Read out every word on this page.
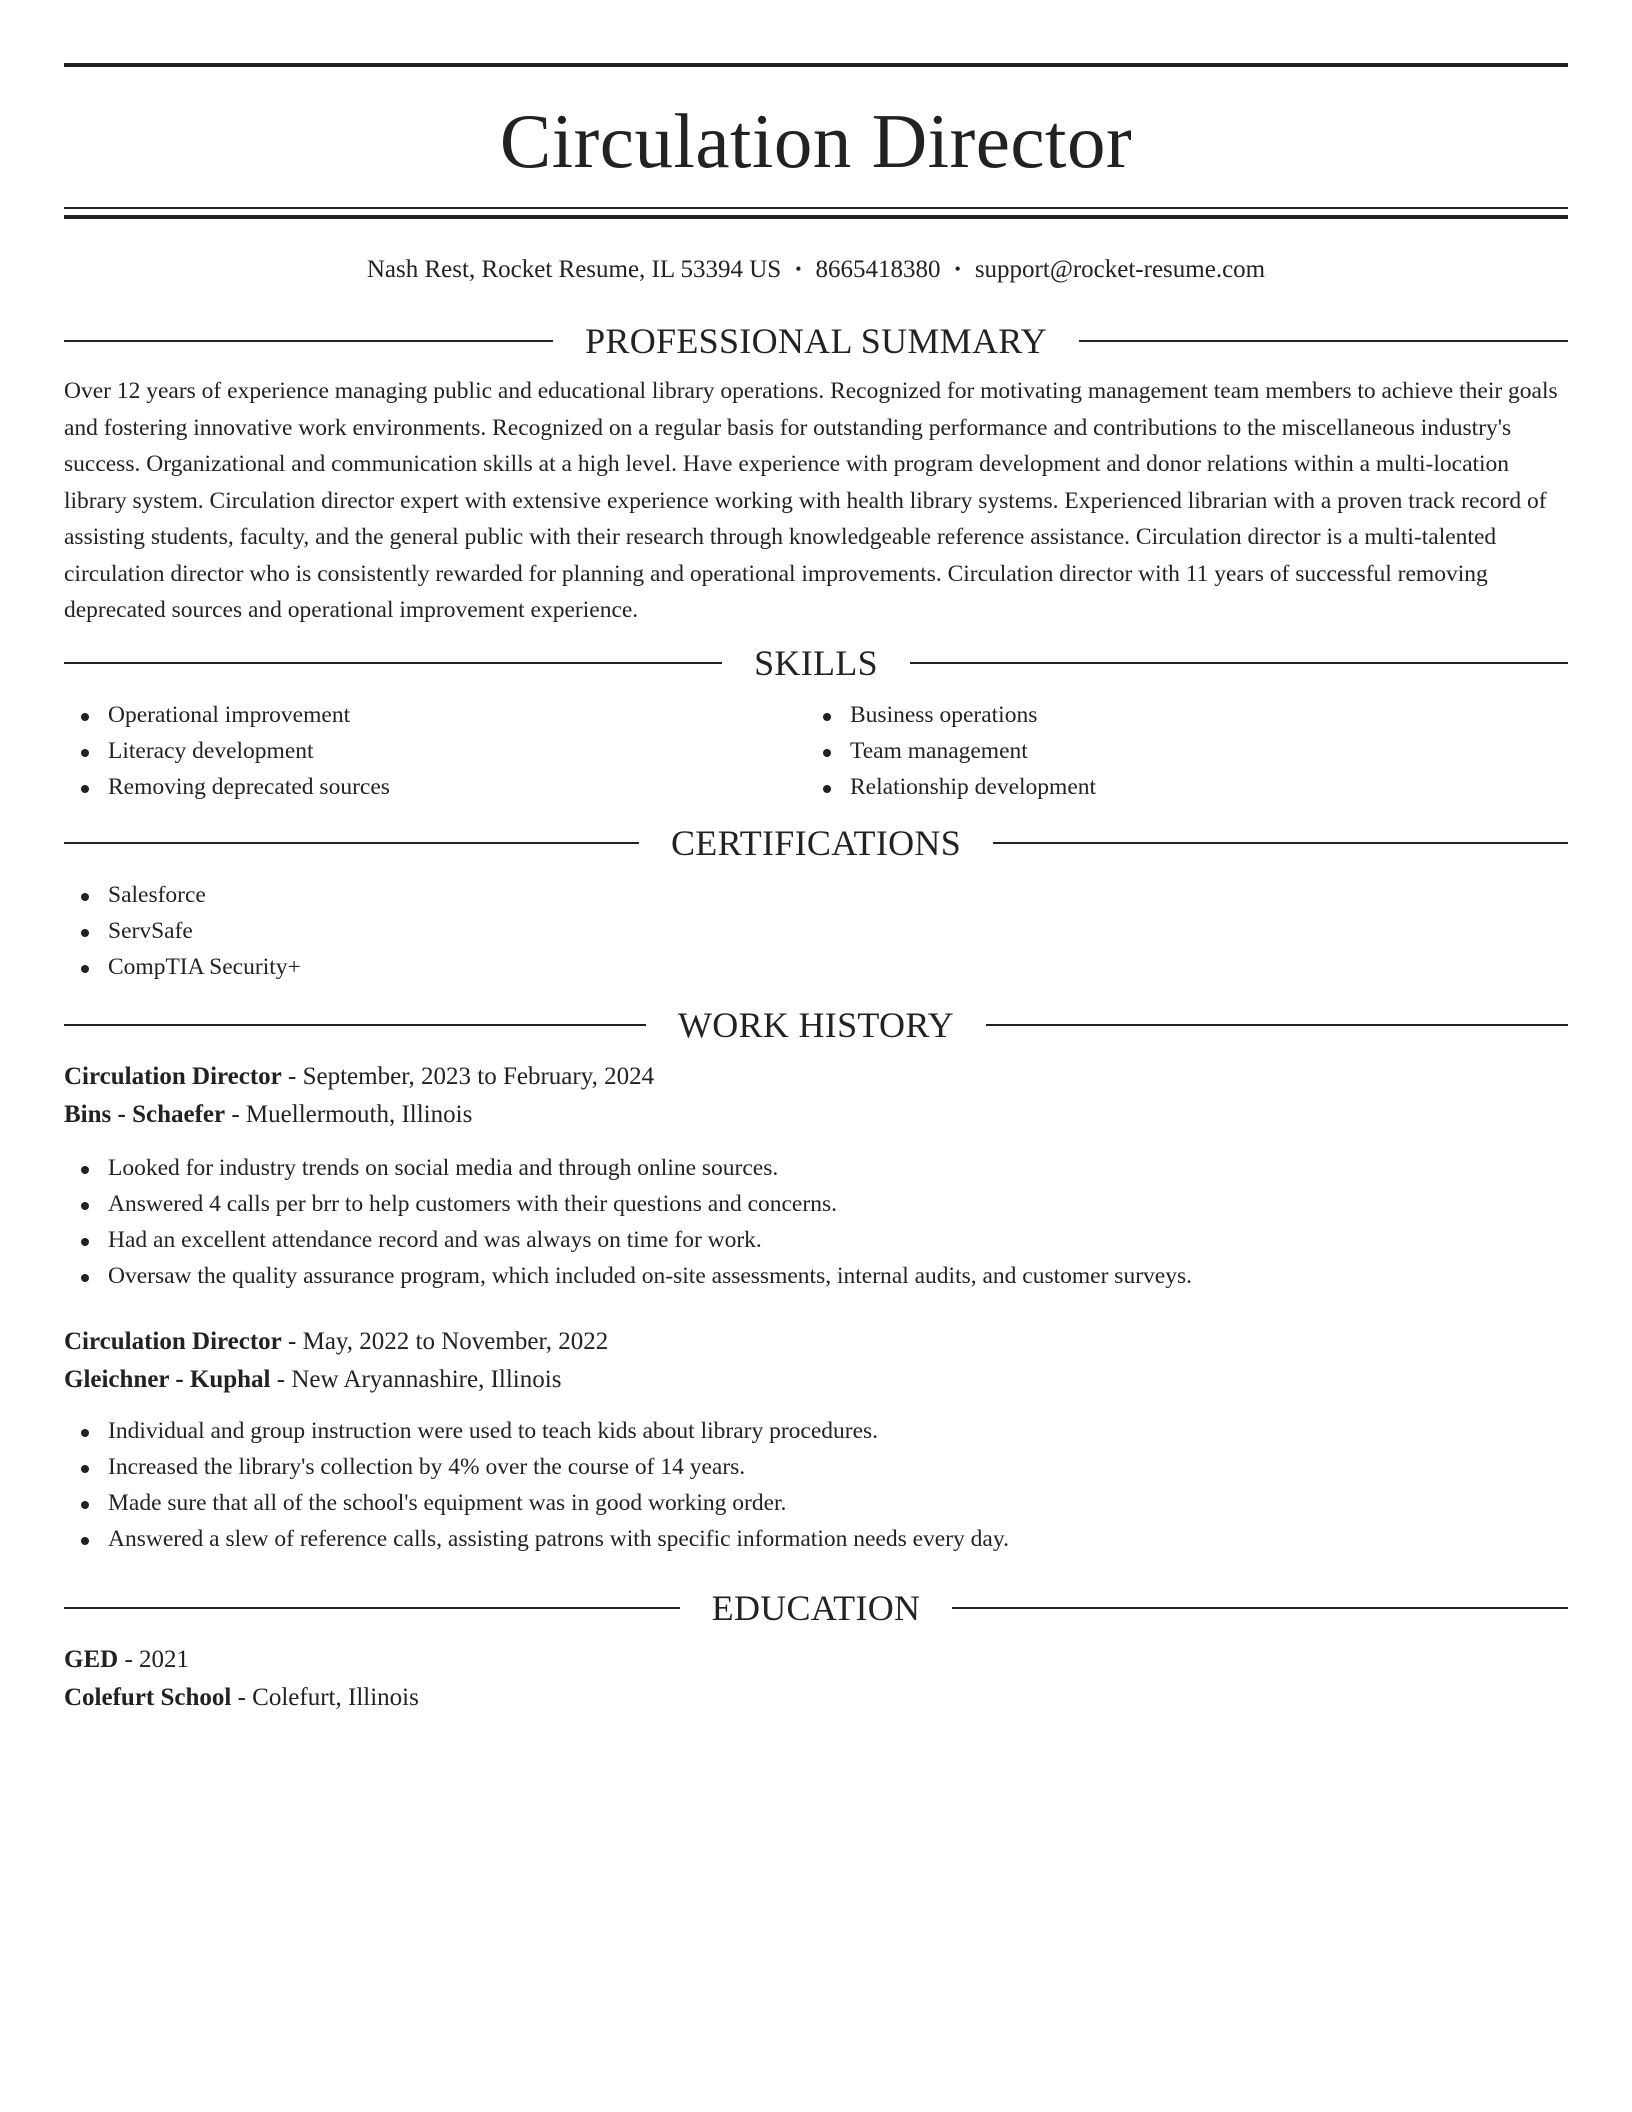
Circulation Director
Nash Rest, Rocket Resume, IL 53394 US • 8665418380 • support@rocket-resume.com
PROFESSIONAL SUMMARY

Over 12 years of experience managing public and educational library operations. Recognized for motivating management team members to achieve their goals and fostering innovative work environments. Recognized on a regular basis for outstanding performance and contributions to the miscellaneous industry's success. Organizational and communication skills at a high level. Have experience with program development and donor relations within a multi-location library system. Circulation director expert with extensive experience working with health library systems. Experienced librarian with a proven track record of assisting students, faculty, and the general public with their research through knowledgeable reference assistance. Circulation director is a multi-talented circulation director who is consistently rewarded for planning and operational improvements. Circulation director with 11 years of successful removing deprecated sources and operational improvement experience.

SKILLS
Operational improvement
Literacy development
Removing deprecated sources
Business operations
Team management
Relationship development
CERTIFICATIONS
Salesforce
ServSafe
CompTIA Security+
WORK HISTORY
Circulation Director - September, 2023 to February, 2024
Bins - Schaefer - Muellermouth, Illinois
Looked for industry trends on social media and through online sources.
Answered 4 calls per brr to help customers with their questions and concerns.
Had an excellent attendance record and was always on time for work.
Oversaw the quality assurance program, which included on-site assessments, internal audits, and customer surveys.
Circulation Director - May, 2022 to November, 2022
Gleichner - Kuphal - New Aryannashire, Illinois
Individual and group instruction were used to teach kids about library procedures.
Increased the library's collection by 4% over the course of 14 years.
Made sure that all of the school's equipment was in good working order.
Answered a slew of reference calls, assisting patrons with specific information needs every day.
EDUCATION
GED - 2021
Colefurt School - Colefurt, Illinois
